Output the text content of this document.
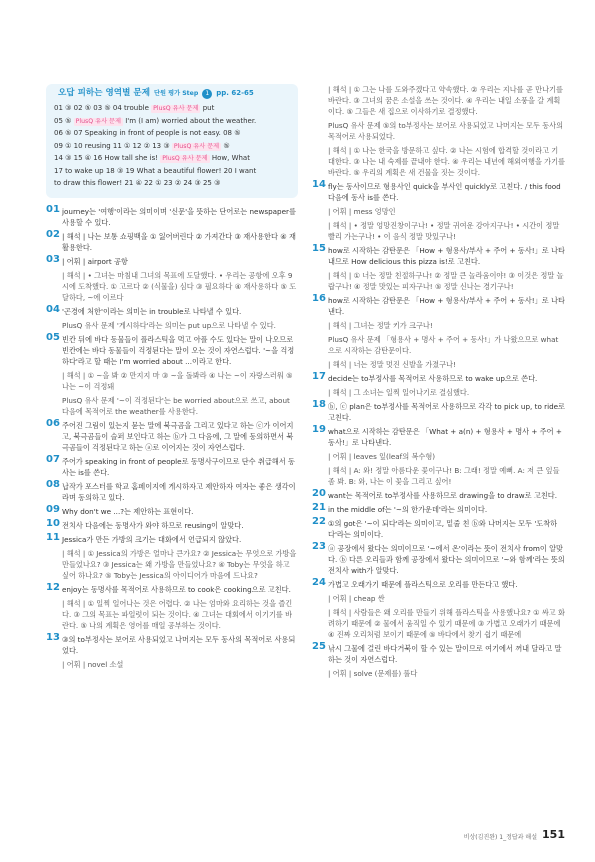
오답 피하는 영역별 문제 단원 평가 Step	1	pp. 62-65
01 ③ 02 ⑤ 03 ⑤ 04 trouble PlusQ 유사 문제 put
05 ⑤ PlusQ 유사 문제 I'm (I am) worried about the weather.
06 ⑤ 07 Speaking in front of people is not easy. 08 ⑤
09 ① 10 reusing 11 ① 12 ② 13 ③ PlusQ 유사 문제 ⑤
14 ③ 15 ④ 16 How tall she is! PlusQ 유사 문제 How, What
17 to wake up 18 ③ 19 What a beautiful flower! 20 I want
to draw this flower! 21 ④ 22 ① 23 ② 24 ③ 25 ③
01 journey는 '여행'이라는 의미이며 '신문'을 뜻하는 단어로는 newspaper를 사용할 수 있다.
02 | 해석 | 나는 보통 쇼핑백을 ① 잃어버린다 ② 가져간다 ③ 재사용한다 ④ 재활용한다.
03 | 어휘 | airport 공항
| 해석 | • 그녀는 마침내 그녀의 목표에 도달했다. • 우리는 공항에 오후 9시에 도착했다. ① 고르다 ② (식물을) 심다 ③ 필요하다 ④ 재사용하다 ⑤ 도달하다, ~에 이르다
04 '곤경에 처한'이라는 의미는 in trouble로 나타낼 수 있다.
PlusQ 유사 문제 '게시하다'라는 의미는 put up으로 나타낼 수 있다.
05 빈칸 뒤에 바다 동물들이 플라스틱을 먹고 아플 수도 있다는 말이 나오므로 빈칸에는 바다 동물들이 걱정된다는 말이 오는 것이 자연스럽다. '~을 걱정하다'라고 할 때는 I'm worried about ...이라고 한다.
| 해석 | ① ~을 봐 ② 만지지 마 ③ ~을 돌봐라 ④ 나는 ~이 자랑스러워 ⑤ 나는 ~이 걱정돼
PlusQ 유사 문제 '~이 걱정된다'는 be worried about으로 쓰고, about 다음에 목적어로 the weather를 사용한다.
06 주어진 그림이 있는지 묻는 말에 북극곰을 그리고 있다고 하는 ⓒ가 이어지고, 북극곰들이 슬퍼 보인다고 하는 ⓑ가 그 다음에, 그 말에 동의하면서 북극곰들이 걱정된다고 하는 ⓐ로 이어지는 것이 자연스럽다.
07 주어가 speaking in front of people로 동명사구이므로 단수 취급해서 동사는 is를 쓴다.
08 납작가 포스터를 학교 홈페이지에 게시하자고 제안하자 여자는 좋은 생각이라며 동의하고 있다.
09 Why don't we ...?는 제안하는 표현이다.
10 전치사 다음에는 동명사가 와야 하므로 reusing이 알맞다.
11 Jessica가 만든 가방의 크기는 대화에서 언급되지 않았다.
| 해석 | ① Jessica의 가방은 얼마나 큰가요? ② Jessica는 무엇으로 가방을 만들었나요? ③ Jessica는 왜 가방을 만들었나요? ④ Toby는 무엇을 하고 싶어 하나요? ⑤ Toby는 Jessica의 아이디어가 마음에 드나요?
12 enjoy는 동명사를 목적어로 사용하므로 to cook은 cooking으로 고친다.
| 해석 | ① 일찍 일어나는 것은 어렵다. ② 나는 엄마와 요리하는 것을 즐긴다. ③ 그의 목표는 파일럿이 되는 것이다. ④ 그녀는 대회에서 이기기를 바란다. ⑤ 나의 계획은 영어를 매일 공부하는 것이다.
13 ③의 to부정사는 보어로 사용되었고 나머지는 모두 동사의 목적어로 사용되었다.
| 어휘 | novel 소설
| 해석 | ① 그는 나를 도와주겠다고 약속했다. ② 우리는 지나를 곧 만나기를 바란다. ③ 그녀의 꿈은 소설을 쓰는 것이다. ④ 우리는 내일 소풍을 갈 계획이다. ⑤ 그들은 새 집으로 이사하기로 결정했다.
PlusQ 유사 문제 ⑤의 to부정사는 보어로 사용되었고 나머지는 모두 동사의 목적어로 사용되었다.
| 해석 | ① 나는 한국을 방문하고 싶다. ② 나는 시험에 합격할 것이라고 기대한다. ③ 나는 내 숙제를 끝내야 한다. ④ 우리는 내년에 해외여행을 가기를 바란다. ⑤ 우리의 계획은 새 건물을 짓는 것이다.
14 fly는 동사이므로 형용사인 quick을 부사인 quickly로 고친다. / this food 다음에 동사 is를 쓴다.
| 어휘 | mess 엉망인
| 해석 | • 정말 엉망진창이구나! • 정말 귀여운 강아지구나! • 시간이 정말 빨리 가는구나! • 이 음식 정말 맛있구나!
15 how로 시작하는 감탄문은 「How + 형용사/부사 + 주어 + 동사!」로 나타내므로 How delicious this pizza is!로 고친다.
| 해석 | ① 너는 정말 친절하구나! ② 정말 큰 놀라움이야! ③ 이것은 정말 놀랍구나! ④ 정말 맛있는 피자구나! ⑤ 정말 신나는 경기구나!
16 how로 시작하는 감탄문은 「How + 형용사/부사 + 주어 + 동사!」로 나타낸다.
| 해석 | 그녀는 정말 키가 크구나!
PlusQ 유사 문제 「형용사 + 명사 + 주어 + 동사!」가 나왔으므로 what으로 시작하는 감탄문이다.
| 해석 | 너는 정말 멋진 신발을 가졌구나!
17 decide는 to부정사를 목적어로 사용하므로 to wake up으로 쓴다.
| 해석 | 그 소녀는 일찍 일어나기로 결심했다.
18 ⓑ, ⓒ plan은 to부정사를 목적어로 사용하므로 각각 to pick up, to ride로 고친다.
19 what으로 시작하는 감탄문은 「What + a(n) + 형용사 + 명사 + 주어 + 동사!」로 나타낸다.
| 어휘 | leaves 잎(leaf의 복수형)
| 해석 | A: 와! 정말 아름다운 꽃이구나! B: 그래! 정말 예뻐. A: 저 큰 잎들 좀 봐. B: 와, 나는 이 꽃을 그리고 싶어!
20 want는 목적어로 to부정사를 사용하므로 drawing을 to draw로 고친다.
21 in the middle of는 '~의 한가운데'라는 의미이다.
22 ①의 got은 '~이 되다'라는 의미이고, 밑줄 친 ⓑ와 나머지는 모두 '도착하다'라는 의미이다.
23 ⓐ 공장에서 왔다는 의미이므로 '~에서 온'이라는 뜻이 전치사 from이 알맞다. ⓑ 다른 오리들과 함께 공장에서 왔다는 의미이므로 '~와 함께'라는 뜻의 전치사 with가 알맞다.
24 가볍고 오래가기 때문에 플라스틱으로 오리를 만든다고 했다.
| 어휘 | cheap 싼
| 해석 | 사람들은 왜 오리를 만들기 위해 플라스틱을 사용했나요? ① 싸고 화려하기 때문에 ② 물에서 움직일 수 있기 때문에 ③ 가볍고 오래가기 때문에 ④ 진짜 오리처럼 보이기 때문에 ⑤ 바다에서 찾기 쉽기 때문에
25 낚시 그물에 걸린 바다거북이 할 수 있는 말이므로 여기에서 꺼내 달라고 말하는 것이 자연스럽다.
| 어휘 | solve (문제를) 풀다
비상(김진완) 1_정답과 해설 151
